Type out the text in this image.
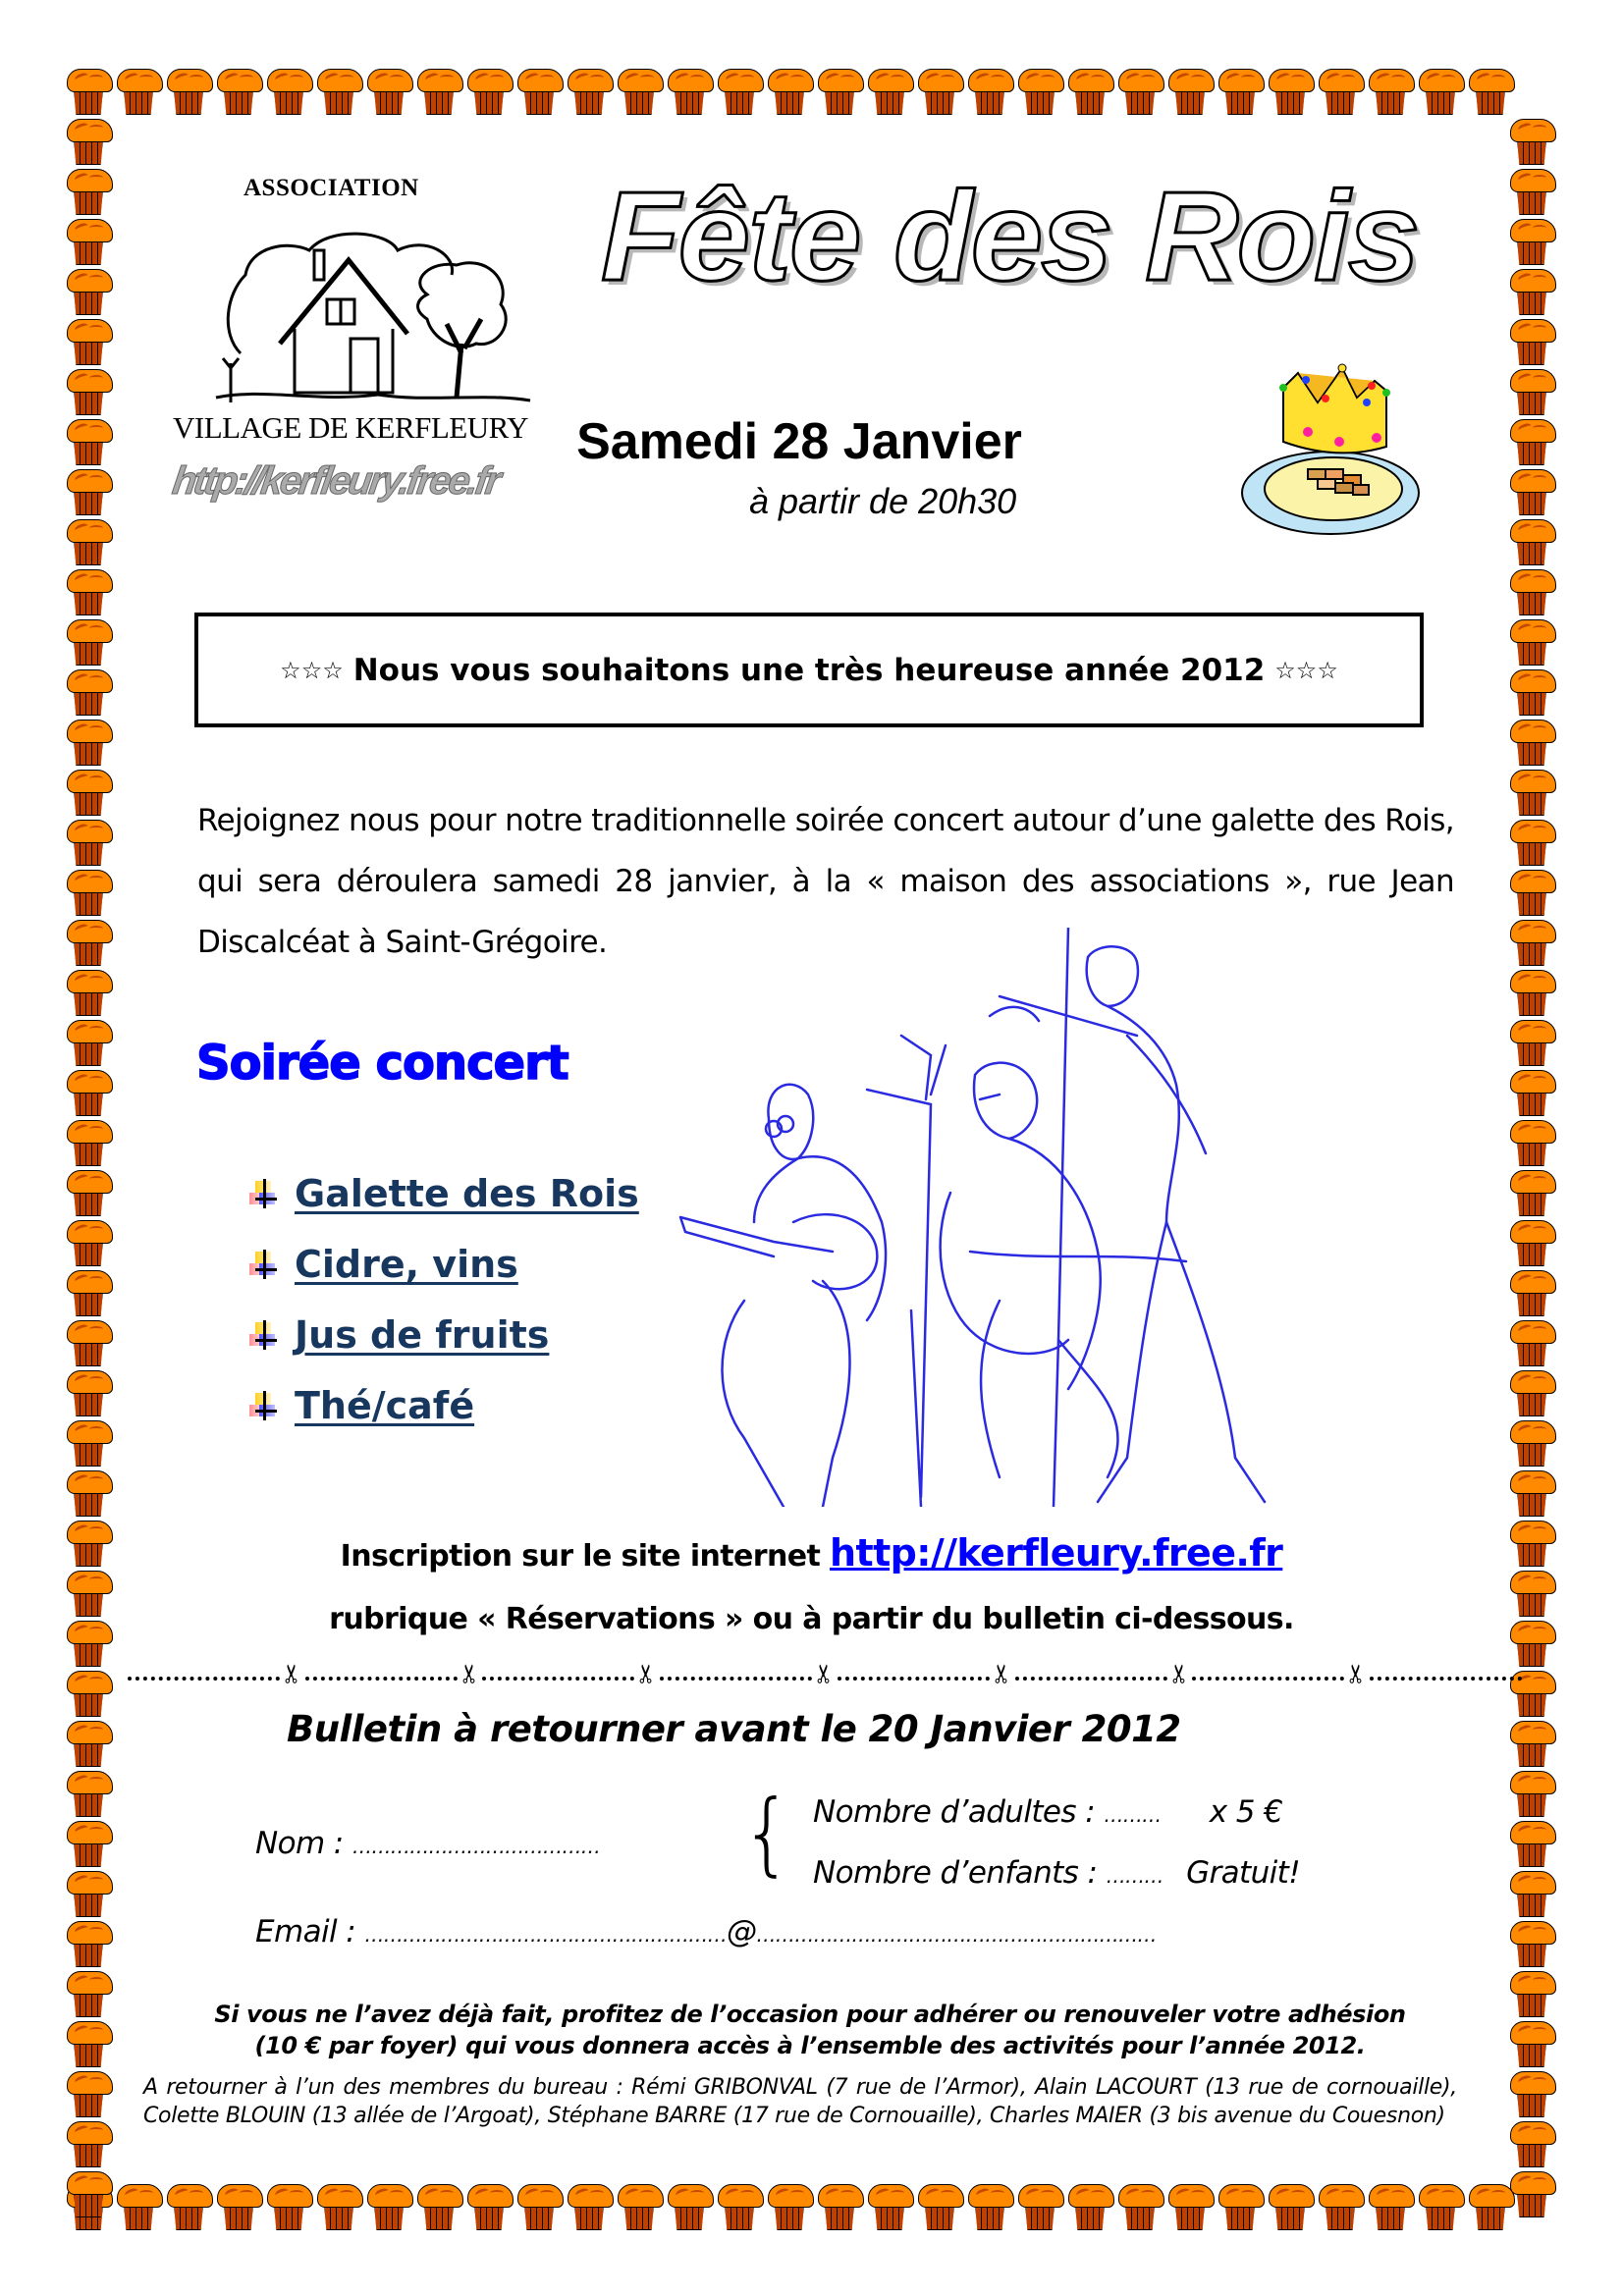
ASSOCIATION
VILLAGE DE KERFLEURY
http://kerfleury.free.fr
Fête des Rois
Samedi 28 Janvier
à partir de 20h30
☆☆☆ Nous vous souhaitons une très heureuse année 2012 ☆☆☆
Rejoignez nous pour notre traditionnelle soirée concert autour d’une galette des Rois, qui sera déroulera samedi 28 janvier, à la « maison des associations », rue Jean Discalcéat à Saint-Grégoire.
Soirée concert
Galette des Rois
Cidre, vins
Jus de fruits
Thé/café
Inscription sur le site internet http://kerfleury.free.fr
rubrique « Réservations » ou à partir du bulletin ci-dessous.
✂	✂	✂	✂	✂	✂	✂
Bulletin à retourner avant le 20 Janvier 2012
Nom : ………………………………… { Nombre d’adultes : ……… x 5 €
Nombre d’enfants : ……… Gratuit!
Email : …………………………………………………@………………………………………………………
Si vous ne l’avez déjà fait, profitez de l’occasion pour adhérer ou renouveler votre adhésion
(10 € par foyer) qui vous donnera accès à l’ensemble des activités pour l’année 2012.
A retourner à l’un des membres du bureau : Rémi GRIBONVAL (7 rue de l’Armor), Alain LACOURT (13 rue de cornouaille), Colette BLOUIN (13 allée de l’Argoat), Stéphane BARRE (17 rue de Cornouaille), Charles MAIER (3 bis avenue du Couesnon)
